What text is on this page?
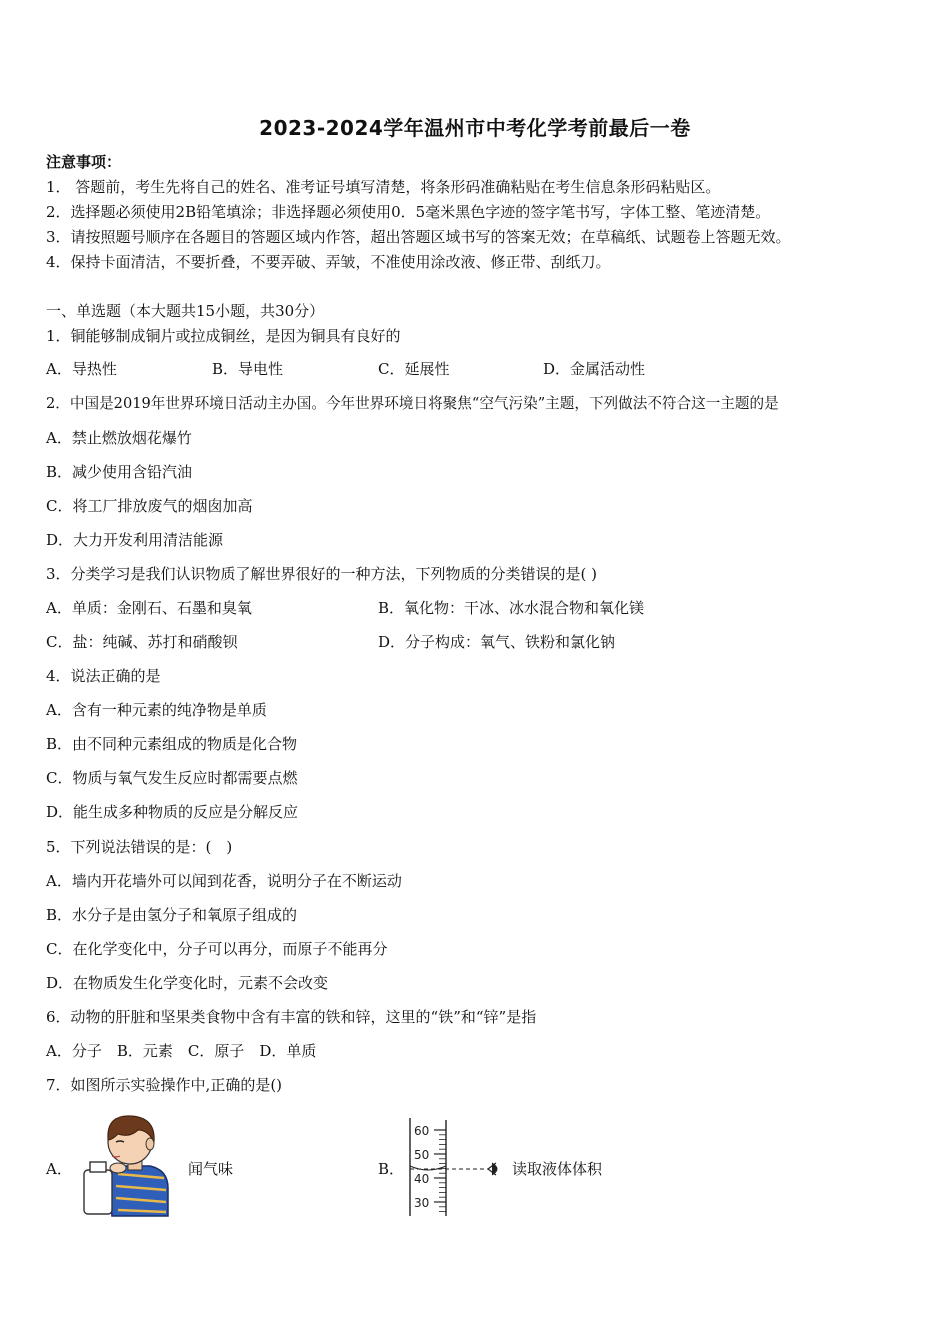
2023-2024学年温州市中考化学考前最后一卷
注意事项：
1． 答题前，考生先将自己的姓名、准考证号填写清楚，将条形码准确粘贴在考生信息条形码粘贴区。
2．选择题必须使用2B铅笔填涂；非选择题必须使用0．5毫米黑色字迹的签字笔书写，字体工整、笔迹清楚。
3．请按照题号顺序在各题目的答题区域内作答，超出答题区域书写的答案无效；在草稿纸、试题卷上答题无效。
4．保持卡面清洁，不要折叠，不要弄破、弄皱，不准使用涂改液、修正带、刮纸刀。
一、单选题（本大题共15小题，共30分）
1．铜能够制成铜片或拉成铜丝，是因为铜具有良好的
A．导热性	B．导电性	C．延展性	D．金属活动性
2．中国是2019年世界环境日活动主办国。今年世界环境日将聚焦“空气污染”主题，下列做法不符合这一主题的是
A．禁止燃放烟花爆竹
B．减少使用含铅汽油
C．将工厂排放废气的烟囱加高
D．大力开发利用清洁能源
3．分类学习是我们认识物质了解世界很好的一种方法，下列物质的分类错误的是( )
A．单质：金刚石、石墨和臭氧	B．氧化物：干冰、冰水混合物和氧化镁
C．盐：纯碱、苏打和硝酸钡	D．分子构成：氧气、铁粉和氯化钠
4．说法正确的是
A．含有一种元素的纯净物是单质
B．由不同种元素组成的物质是化合物
C．物质与氧气发生反应时都需要点燃
D．能生成多种物质的反应是分解反应
5．下列说法错误的是：(　)
A．墙内开花墙外可以闻到花香，说明分子在不断运动
B．水分子是由氢分子和氧原子组成的
C．在化学变化中，分子可以再分，而原子不能再分
D．在物质发生化学变化时，元素不会改变
6．动物的肝脏和坚果类食物中含有丰富的铁和锌，这里的“铁”和“锌”是指
A．分子　B．元素　C．原子　D．单质
7．如图所示实验操作中,正确的是()
A．	闻气味	B．
60
50
40
30
读取液体体积
